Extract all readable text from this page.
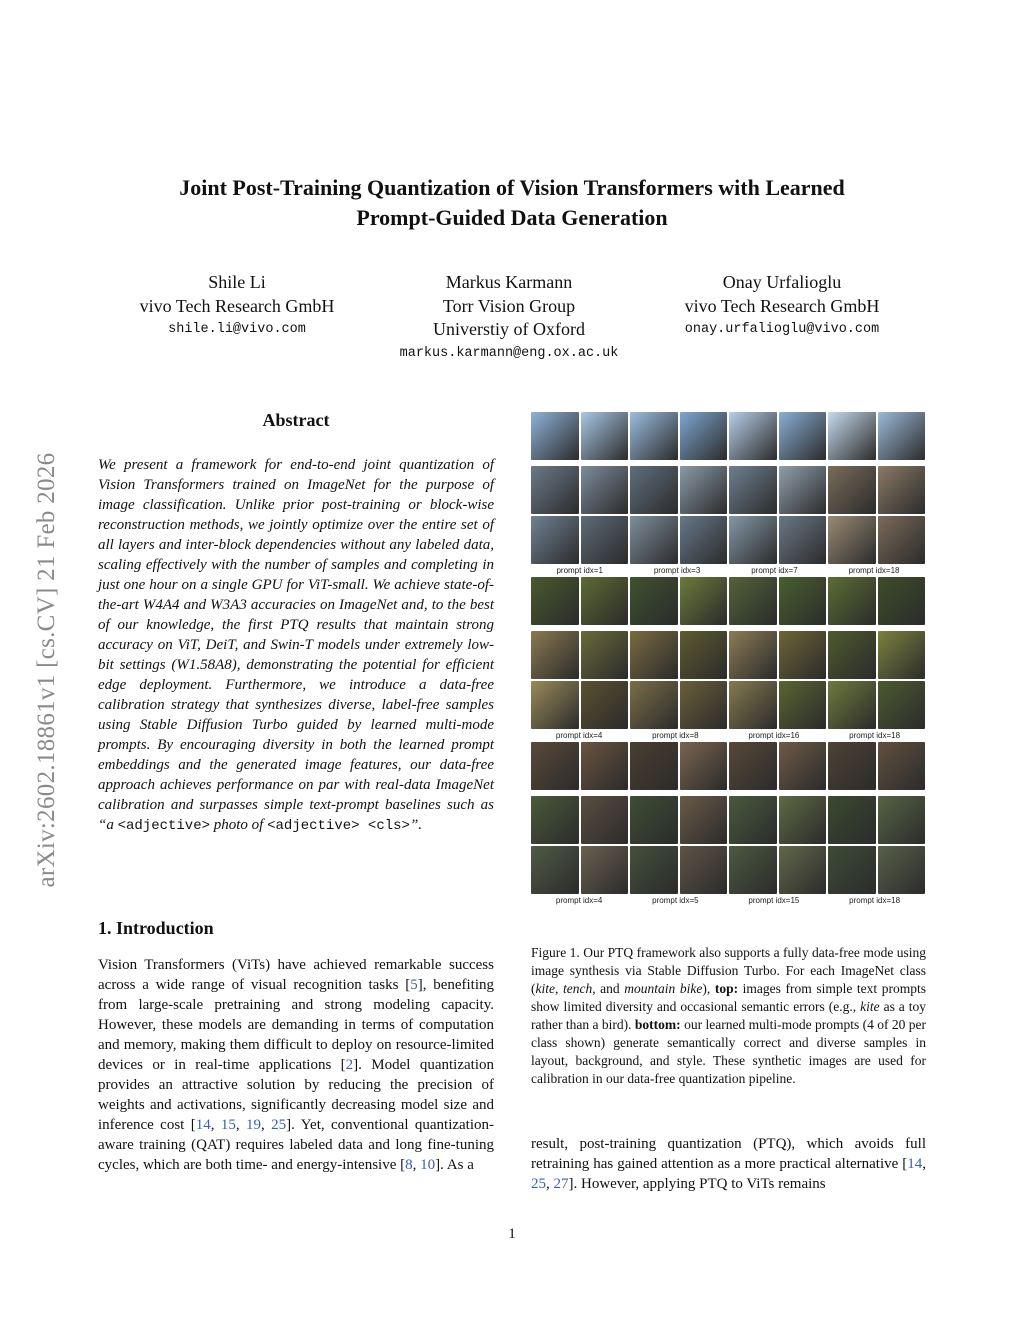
arXiv:2602.18861v1 [cs.CV] 21 Feb 2026
Joint Post-Training Quantization of Vision Transformers with Learned
Prompt-Guided Data Generation
Shile Li
vivo Tech Research GmbH
shile.li@vivo.com
Markus Karmann
Torr Vision Group
Universtiy of Oxford
markus.karmann@eng.ox.ac.uk
Onay Urfalioglu
vivo Tech Research GmbH
onay.urfalioglu@vivo.com
Abstract
We present a framework for end-to-end joint quantization of Vision Transformers trained on ImageNet for the purpose of image classification. Unlike prior post-training or block-wise reconstruction methods, we jointly optimize over the entire set of all layers and inter-block dependencies without any labeled data, scaling effectively with the number of samples and completing in just one hour on a single GPU for ViT-small. We achieve state-of-the-art W4A4 and W3A3 accuracies on ImageNet and, to the best of our knowledge, the first PTQ results that maintain strong accuracy on ViT, DeiT, and Swin-T models under extremely low-bit settings (W1.58A8), demonstrating the potential for efficient edge deployment. Furthermore, we introduce a data-free calibration strategy that synthesizes diverse, label-free samples using Stable Diffusion Turbo guided by learned multi-mode prompts. By encouraging diversity in both the learned prompt embeddings and the generated image features, our data-free approach achieves performance on par with real-data ImageNet calibration and surpasses simple text-prompt baselines such as “a <adjective> photo of <adjective> <cls>”.
1. Introduction
Vision Transformers (ViTs) have achieved remarkable success across a wide range of visual recognition tasks [5], benefiting from large-scale pretraining and strong modeling capacity. However, these models are demanding in terms of computation and memory, making them difficult to deploy on resource-limited devices or in real-time applications [2]. Model quantization provides an attractive solution by reducing the precision of weights and activations, significantly decreasing model size and inference cost [14, 15, 19, 25]. Yet, conventional quantization-aware training (QAT) requires labeled data and long fine-tuning cycles, which are both time- and energy-intensive [8, 10]. As a
prompt idx=1	prompt idx=3	prompt idx=7	prompt idx=18
prompt idx=4	prompt idx=8	prompt idx=16	prompt idx=18
prompt idx=4	prompt idx=5	prompt idx=15	prompt idx=18
Figure 1. Our PTQ framework also supports a fully data-free mode using image synthesis via Stable Diffusion Turbo. For each ImageNet class (kite, tench, and mountain bike), top: images from simple text prompts show limited diversity and occasional semantic errors (e.g., kite as a toy rather than a bird). bottom: our learned multi-mode prompts (4 of 20 per class shown) generate semantically correct and diverse samples in layout, background, and style. These synthetic images are used for calibration in our data-free quantization pipeline.
result, post-training quantization (PTQ), which avoids full retraining has gained attention as a more practical alternative [14, 25, 27]. However, applying PTQ to ViTs remains
1
